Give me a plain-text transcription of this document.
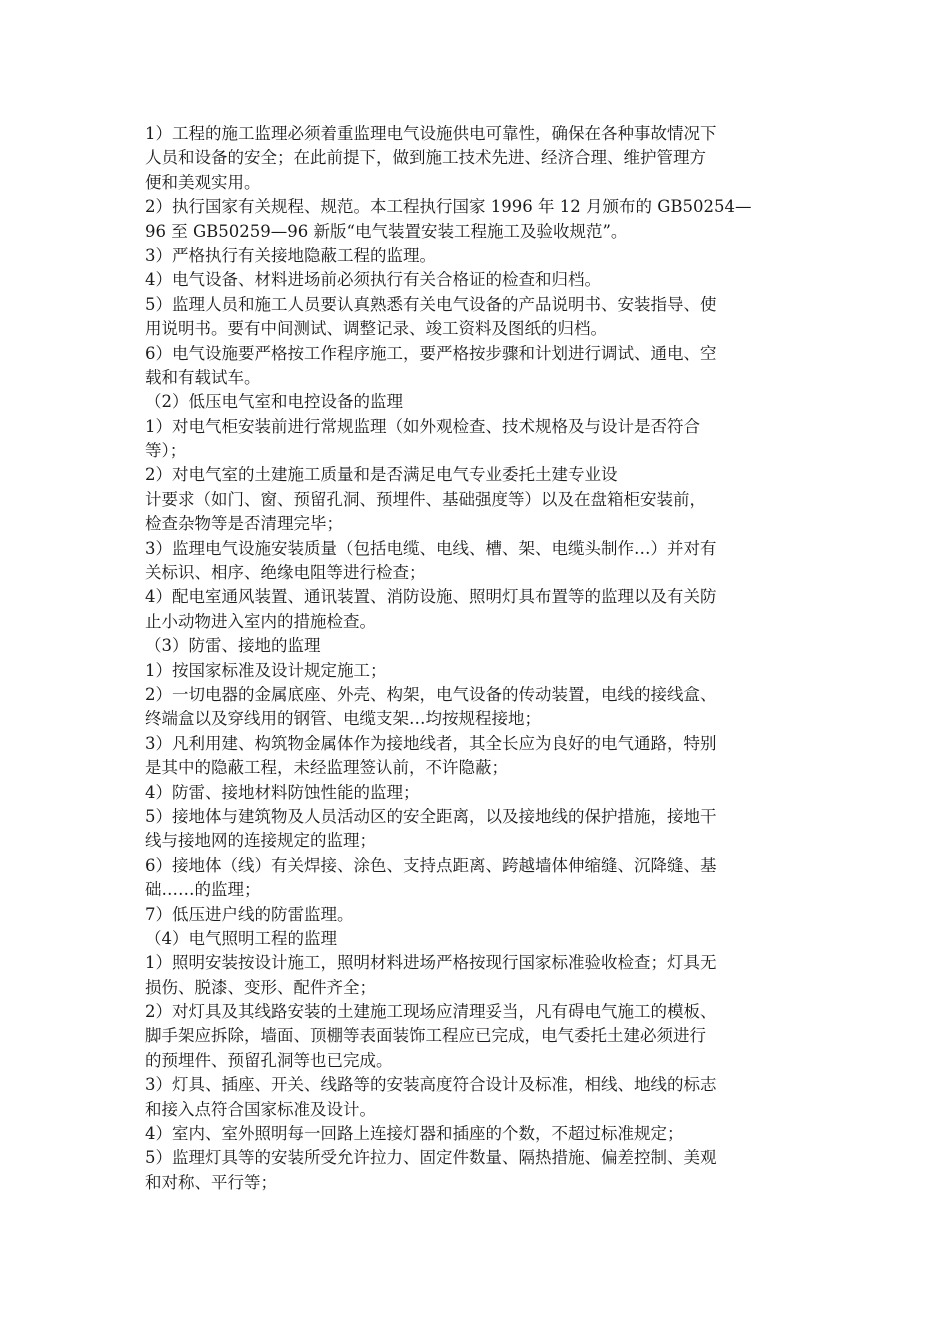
1）工程的施工监理必须着重监理电气设施供电可靠性，确保在各种事故情况下
人员和设备的安全；在此前提下，做到施工技术先进、经济合理、维护管理方
便和美观实用。
2）执行国家有关规程、规范。本工程执行国家 1996 年 12 月颁布的 GB50254—
96 至 GB50259—96 新版“电气装置安装工程施工及验收规范”。
3）严格执行有关接地隐蔽工程的监理。
4）电气设备、材料进场前必须执行有关合格证的检查和归档。
5）监理人员和施工人员要认真熟悉有关电气设备的产品说明书、安装指导、使
用说明书。要有中间测试、调整记录、竣工资料及图纸的归档。
6）电气设施要严格按工作程序施工，要严格按步骤和计划进行调试、通电、空
载和有载试车。
（2）低压电气室和电控设备的监理
1）对电气柜安装前进行常规监理（如外观检查、技术规格及与设计是否符合
等）；
2）对电气室的土建施工质量和是否满足电气专业委托土建专业设
计要求（如门、窗、预留孔洞、预埋件、基础强度等）以及在盘箱柜安装前，
检查杂物等是否清理完毕；
3）监理电气设施安装质量（包括电缆、电线、槽、架、电缆头制作…）并对有
关标识、相序、绝缘电阻等进行检查；
4）配电室通风装置、通讯装置、消防设施、照明灯具布置等的监理以及有关防
止小动物进入室内的措施检查。
（3）防雷、接地的监理
1）按国家标准及设计规定施工；
2）一切电器的金属底座、外壳、构架，电气设备的传动装置，电线的接线盒、
终端盒以及穿线用的钢管、电缆支架…均按规程接地；
3）凡利用建、构筑物金属体作为接地线者，其全长应为良好的电气通路，特别
是其中的隐蔽工程，未经监理签认前，不许隐蔽；
4）防雷、接地材料防蚀性能的监理；
5）接地体与建筑物及人员活动区的安全距离，以及接地线的保护措施，接地干
线与接地网的连接规定的监理；
6）接地体（线）有关焊接、涂色、支持点距离、跨越墙体伸缩缝、沉降缝、基
础……的监理；
7）低压进户线的防雷监理。
（4）电气照明工程的监理
1）照明安装按设计施工，照明材料进场严格按现行国家标准验收检查；灯具无
损伤、脱漆、变形、配件齐全；
2）对灯具及其线路安装的土建施工现场应清理妥当，凡有碍电气施工的模板、
脚手架应拆除，墙面、顶棚等表面装饰工程应已完成，电气委托土建必须进行
的预埋件、预留孔洞等也已完成。
3）灯具、插座、开关、线路等的安装高度符合设计及标准，相线、地线的标志
和接入点符合国家标准及设计。
4）室内、室外照明每一回路上连接灯器和插座的个数，不超过标准规定；
5）监理灯具等的安装所受允许拉力、固定件数量、隔热措施、偏差控制、美观
和对称、平行等；
